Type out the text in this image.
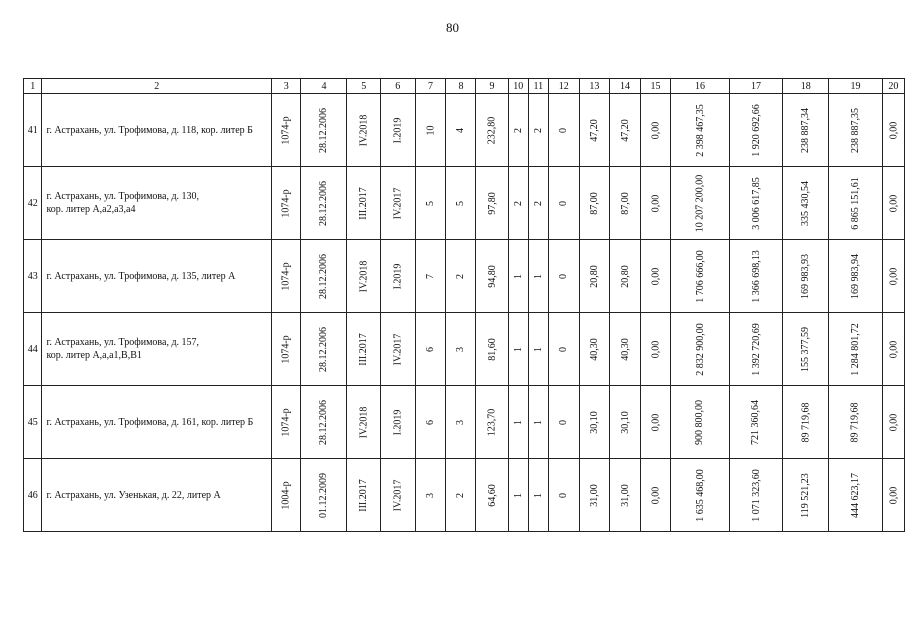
80
1	2	3	4	5	6	7	8	9	10	11	12	13	14	15	16	17	18	19	20
41	г. Астрахань, ул. Трофимова, д. 118, кор. литер Б	1074-р	28.12.2006	IV.2018	I.2019	10	4	232,80	2	2	0	47,20	47,20	0,00	2 398 467,35	1 920 692,66	238 887,34	238 887,35	0,00
42	г. Астрахань, ул. Трофимова, д. 130,
кор. литер А,а2,а3,а4	1074-р	28.12.2006	III.2017	IV.2017	5	5	97,80	2	2	0	87,00	87,00	0,00	10 207 200,00	3 006 617,85	335 430,54	6 865 151,61	0,00
43	г. Астрахань, ул. Трофимова, д. 135, литер А	1074-р	28.12.2006	IV.2018	I.2019	7	2	94,80	1	1	0	20,80	20,80	0,00	1 706 666,00	1 366 698,13	169 983,93	169 983,94	0,00
44	г. Астрахань, ул. Трофимова, д. 157,
кор. литер А,а,а1,В,В1	1074-р	28.12.2006	III.2017	IV.2017	6	3	81,60	1	1	0	40,30	40,30	0,00	2 832 900,00	1 392 720,69	155 377,59	1 284 801,72	0,00
45	г. Астрахань, ул. Трофимова, д. 161, кор. литер Б	1074-р	28.12.2006	IV.2018	I.2019	6	3	123,70	1	1	0	30,10	30,10	0,00	900 800,00	721 360,64	89 719,68	89 719,68	0,00
46	г. Астрахань, ул. Узенькая, д. 22, литер А	1004-р	01.12.2009	III.2017	IV.2017	3	2	64,60	1	1	0	31,00	31,00	0,00	1 635 468,00	1 071 323,60	119 521,23	444 623,17	0,00
